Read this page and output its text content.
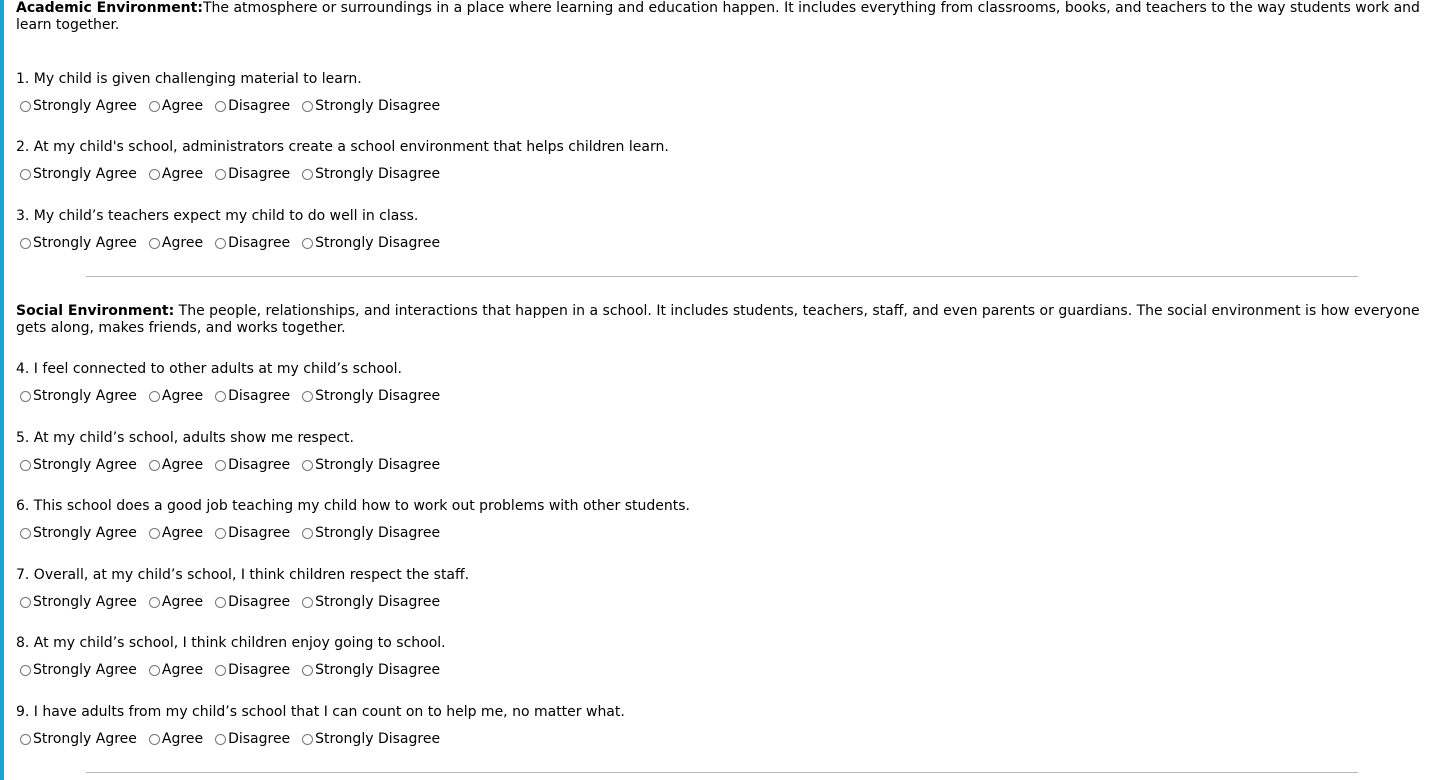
Academic Environment:The atmosphere or surroundings in a place where learning and education happen. It includes everything from classrooms, books, and teachers to the way students work and learn together.

1. My child is given challenging material to learn.

Strongly Agree Agree Disagree Strongly Disagree

2. At my child's school, administrators create a school environment that helps children learn.

Strongly Agree Agree Disagree Strongly Disagree

3. My child’s teachers expect my child to do well in class.

Strongly Agree Agree Disagree Strongly Disagree

Social Environment: The people, relationships, and interactions that happen in a school. It includes students, teachers, staff, and even parents or guardians. The social environment is how everyone gets along, makes friends, and works together.

4. I feel connected to other adults at my child’s school.

Strongly Agree Agree Disagree Strongly Disagree

5. At my child’s school, adults show me respect.

Strongly Agree Agree Disagree Strongly Disagree

6. This school does a good job teaching my child how to work out problems with other students.

Strongly Agree Agree Disagree Strongly Disagree

7. Overall, at my child’s school, I think children respect the staff.

Strongly Agree Agree Disagree Strongly Disagree

8. At my child’s school, I think children enjoy going to school.

Strongly Agree Agree Disagree Strongly Disagree

9. I have adults from my child’s school that I can count on to help me, no matter what.

Strongly Agree Agree Disagree Strongly Disagree
